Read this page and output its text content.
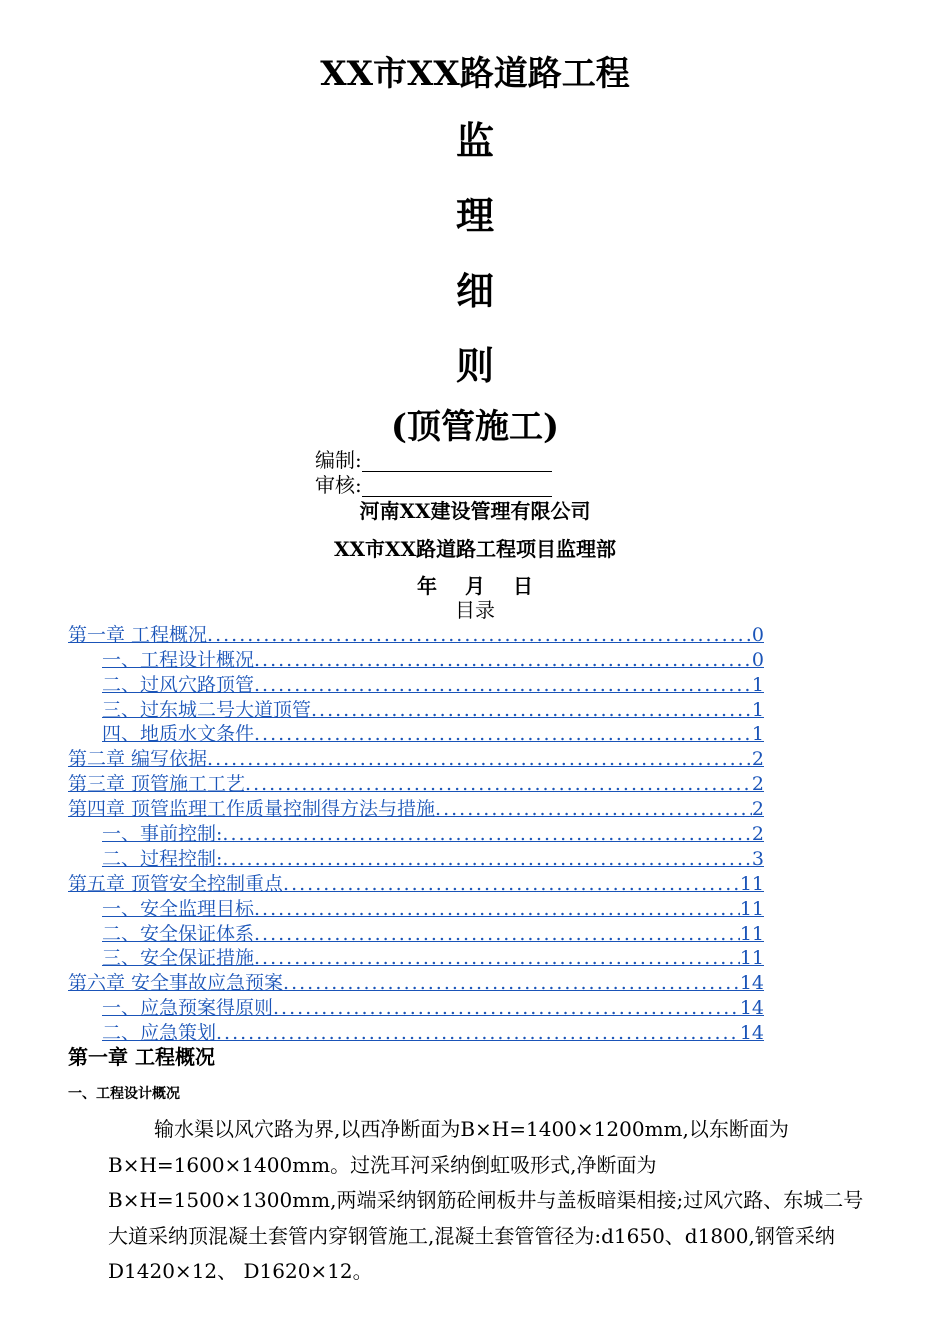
XX市XX路道路工程
监
理
细
则
(顶管施工)
编制:
审核:
河南XX建设管理有限公司
XX市XX路道路工程项目监理部
年 月 日
目录
第一章 工程概况 .....	0
一、工程设计概况 .....	0
二、过风穴路顶管 .....	1
三、过东城二号大道顶管 .....	1
四、地质水文条件 .....	1
第二章 编写依据 .....	2
第三章 顶管施工工艺 .....	2
第四章 顶管监理工作质量控制得方法与措施 .....	2
一、事前控制: .....	2
二、过程控制: .....	3
第五章 顶管安全控制重点 .....	11
一、安全监理目标 .....	11
二、安全保证体系 .....	11
三、安全保证措施 .....	11
第六章 安全事故应急预案 .....	14
一、应急预案得原则 .....	14
二、应急策划 .....	14
第一章 工程概况
一、工程设计概况
输水渠以风穴路为界,以西净断面为B×H=1400×1200mm,以东断面为B×H=1600×1400mm。过洗耳河采纳倒虹吸形式,净断面为B×H=1500×1300mm,两端采纳钢筋砼闸板井与盖板暗渠相接;过风穴路、东城二号大道采纳顶混凝土套管内穿钢管施工,混凝土套管管径为:d1650、d1800,钢管采纳D1420×12、 D1620×12。
